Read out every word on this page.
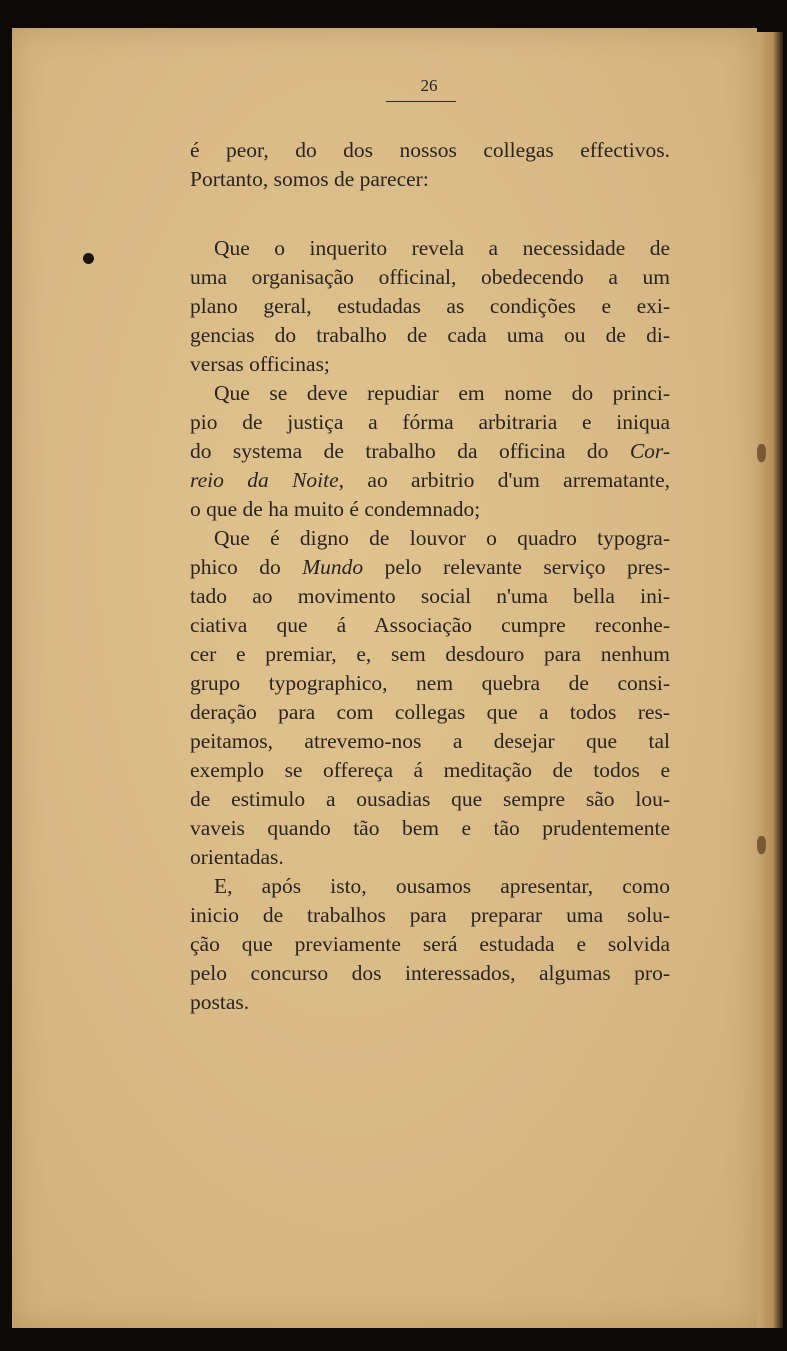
26
é peor, do dos nossos collegas effectivos.
Portanto, somos de parecer:
Que o inquerito revela a necessidade de
uma organisação officinal, obedecendo a um
plano geral, estudadas as condições e exi-
gencias do trabalho de cada uma ou de di-
versas officinas;
Que se deve repudiar em nome do princi-
pio de justiça a fórma arbitraria e iniqua
do systema de trabalho da officina do Cor-
reio da Noite, ao arbitrio d'um arrematante,
o que de ha muito é condemnado;
Que é digno de louvor o quadro typogra-
phico do Mundo pelo relevante serviço pres-
tado ao movimento social n'uma bella ini-
ciativa que á Associação cumpre reconhe-
cer e premiar, e, sem desdouro para nenhum
grupo typographico, nem quebra de consi-
deração para com collegas que a todos res-
peitamos, atrevemo-nos a desejar que tal
exemplo se offereça á meditação de todos e
de estimulo a ousadias que sempre são lou-
vaveis quando tão bem e tão prudentemente
orientadas.
E, após isto, ousamos apresentar, como
inicio de trabalhos para preparar uma solu-
ção que previamente será estudada e solvida
pelo concurso dos interessados, algumas pro-
postas.
